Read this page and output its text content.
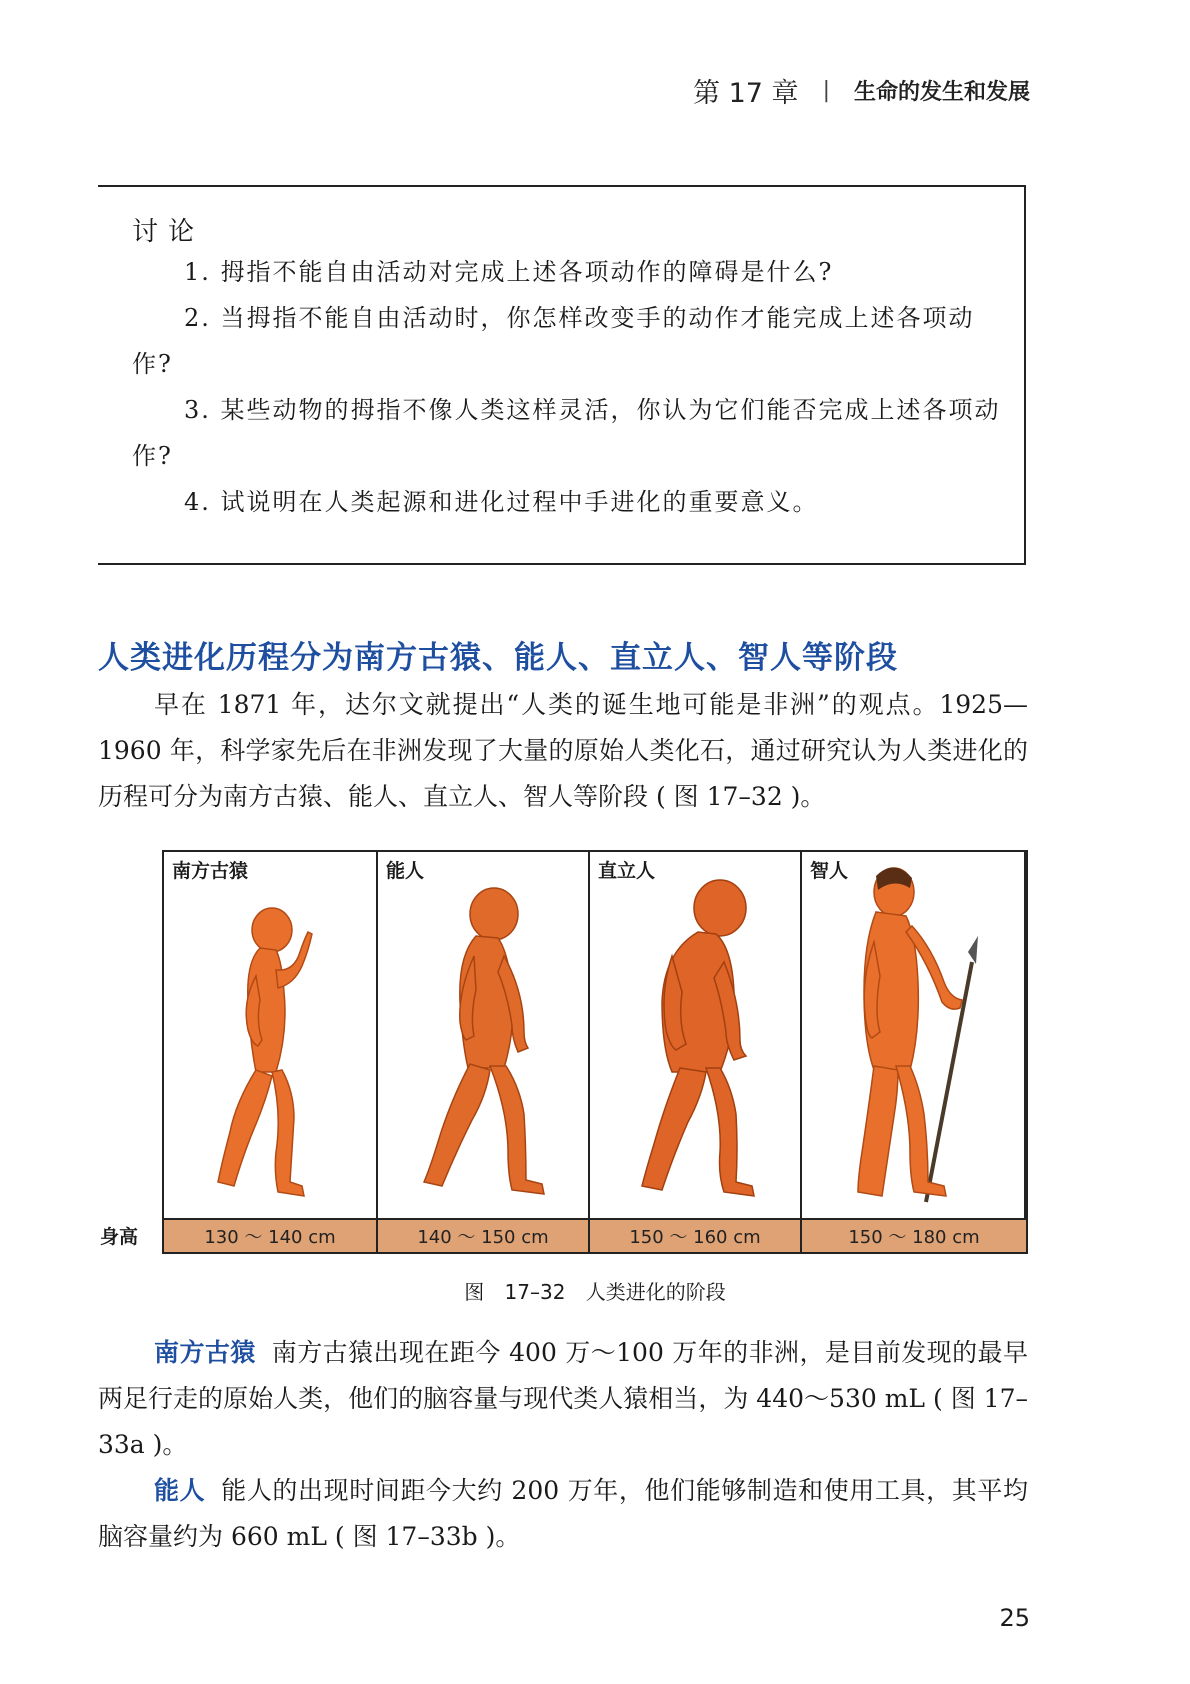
第 17 章 | 生命的发生和发展
讨论

1. 拇指不能自由活动对完成上述各项动作的障碍是什么?

2. 当拇指不能自由活动时，你怎样改变手的动作才能完成上述各项动作?

3. 某些动物的拇指不像人类这样灵活，你认为它们能否完成上述各项动作?

4. 试说明在人类起源和进化过程中手进化的重要意义。

人类进化历程分为南方古猿、能人、直立人、智人等阶段

早在 1871 年，达尔文就提出“人类的诞生地可能是非洲”的观点。1925—1960 年，科学家先后在非洲发现了大量的原始人类化石，通过研究认为人类进化的历程可分为南方古猿、能人、直立人、智人等阶段 ( 图 17–32 )。

身高
南方古猿	能人	直立人	智人
130 ～ 140 cm	140 ～ 150 cm	150 ～ 160 cm	150 ～ 180 cm
图 17–32 人类进化的阶段

南方古猿 南方古猿出现在距今 400 万～100 万年的非洲，是目前发现的最早两足行走的原始人类，他们的脑容量与现代类人猿相当，为 440～530 mL ( 图 17–33a )。

能人 能人的出现时间距今大约 200 万年，他们能够制造和使用工具，其平均脑容量约为 660 mL ( 图 17–33b )。

25
